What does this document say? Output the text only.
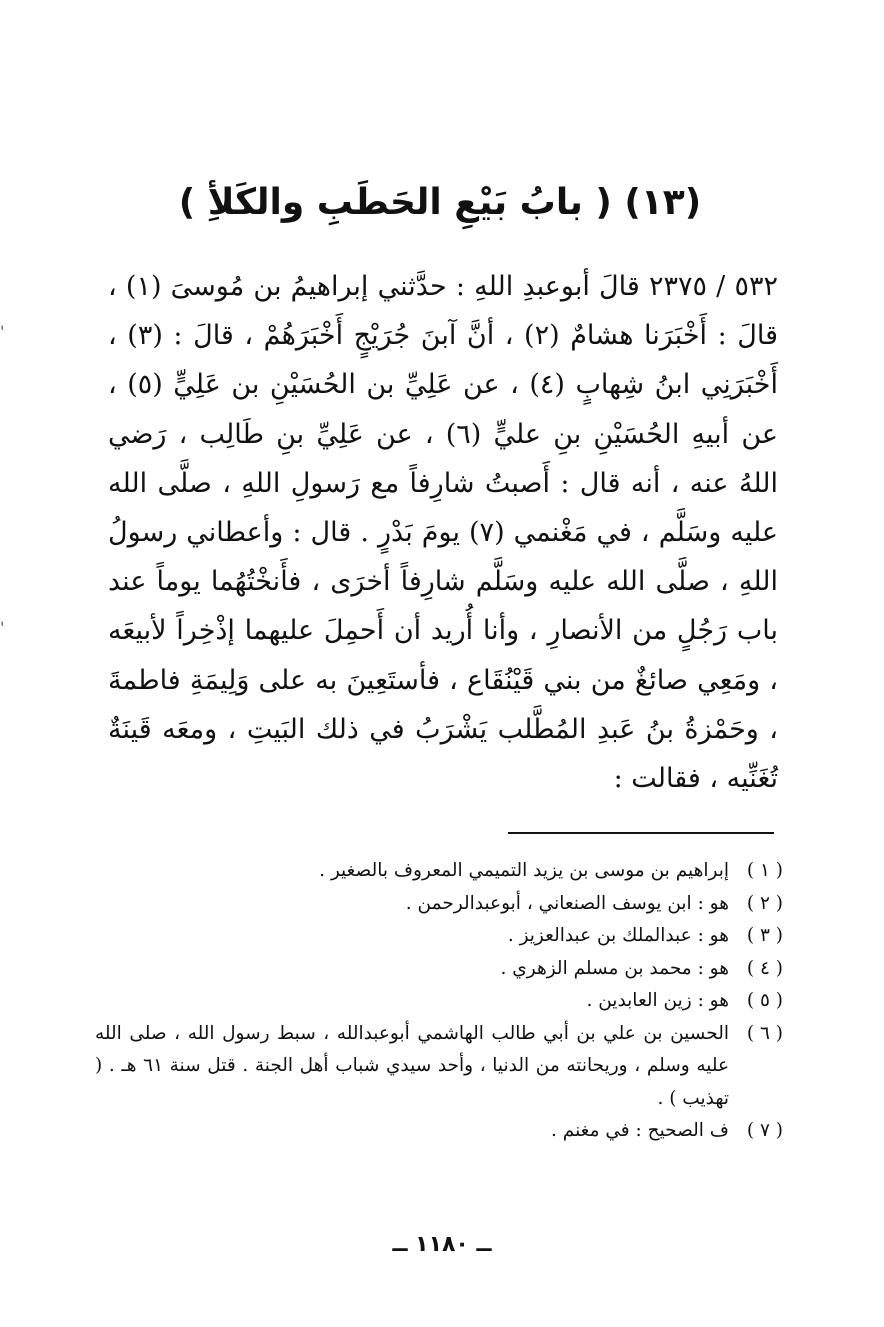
(١٣) ( بابُ بَيْعِ الحَطَبِ والكَلأِ )

٥٣٢ / ٢٣٧٥ قالَ أبوعبدِ اللهِ : حدَّثني إبراهيمُ بن مُوسىَ (١) ، قالَ : أَخْبَرَنا هشامٌ (٢) ، أنَّ آبنَ جُرَيْجٍ أَخْبَرَهُمْ ، قالَ : (٣) ، أَخْبَرَنِي ابنُ شِهابٍ (٤) ، عن عَلِيِّ بن الحُسَيْنِ بن عَلِيٍّ (٥) ، عن أبيهِ الحُسَيْنِ بنِ عليٍّ (٦) ، عن عَلِيِّ بنِ طَالِب ، رَضي اللهُ عنه ، أنه قال : أَصبتُ شارِفاً مع رَسولِ اللهِ ، صلَّى الله عليه وسَلَّم ، في مَغْنمي (٧) يومَ بَدْرٍ . قال : وأعطاني رسولُ اللهِ ، صلَّى الله عليه وسَلَّم شارِفاً أخرَى ، فأَنخْتُهُما يوماً عند باب رَجُلٍ من الأنصارِ ، وأنا أُريد أن أَحمِلَ عليهما إذْخِراً لأبيعَه ، ومَعِي صائغٌ من بني قَيْنُقَاع ، فأستَعِينَ به على وَلِيمَةِ فاطمةَ ، وحَمْزةُ بنُ عَبدِ المُطَّلب يَشْرَبُ في ذلك البَيتِ ، ومعَه قَينَةٌ تُغَنِّيه ، فقالت :

( ١ )
إبراهيم بن موسى بن يزيد التميمي المعروف بالصغير .
( ٢ )
هو : ابن يوسف الصنعاني ، أبوعبدالرحمن .
( ٣ )
هو : عبدالملك بن عبدالعزيز .
( ٤ )
هو : محمد بن مسلم الزهري .
( ٥ )
هو : زين العابدين .
( ٦ )
الحسين بن علي بن أبي طالب الهاشمي أبوعبدالله ، سبط رسول الله ، صلى الله عليه وسلم ، وريحانته من الدنيا ، وأحد سيدي شباب أهل الجنة . قتل سنة ٦١ هـ . ( تهذيب ) .
( ٧ )
ف الصحيح : في مغنم .
ــ ١١٨٠ ــ
'
'
